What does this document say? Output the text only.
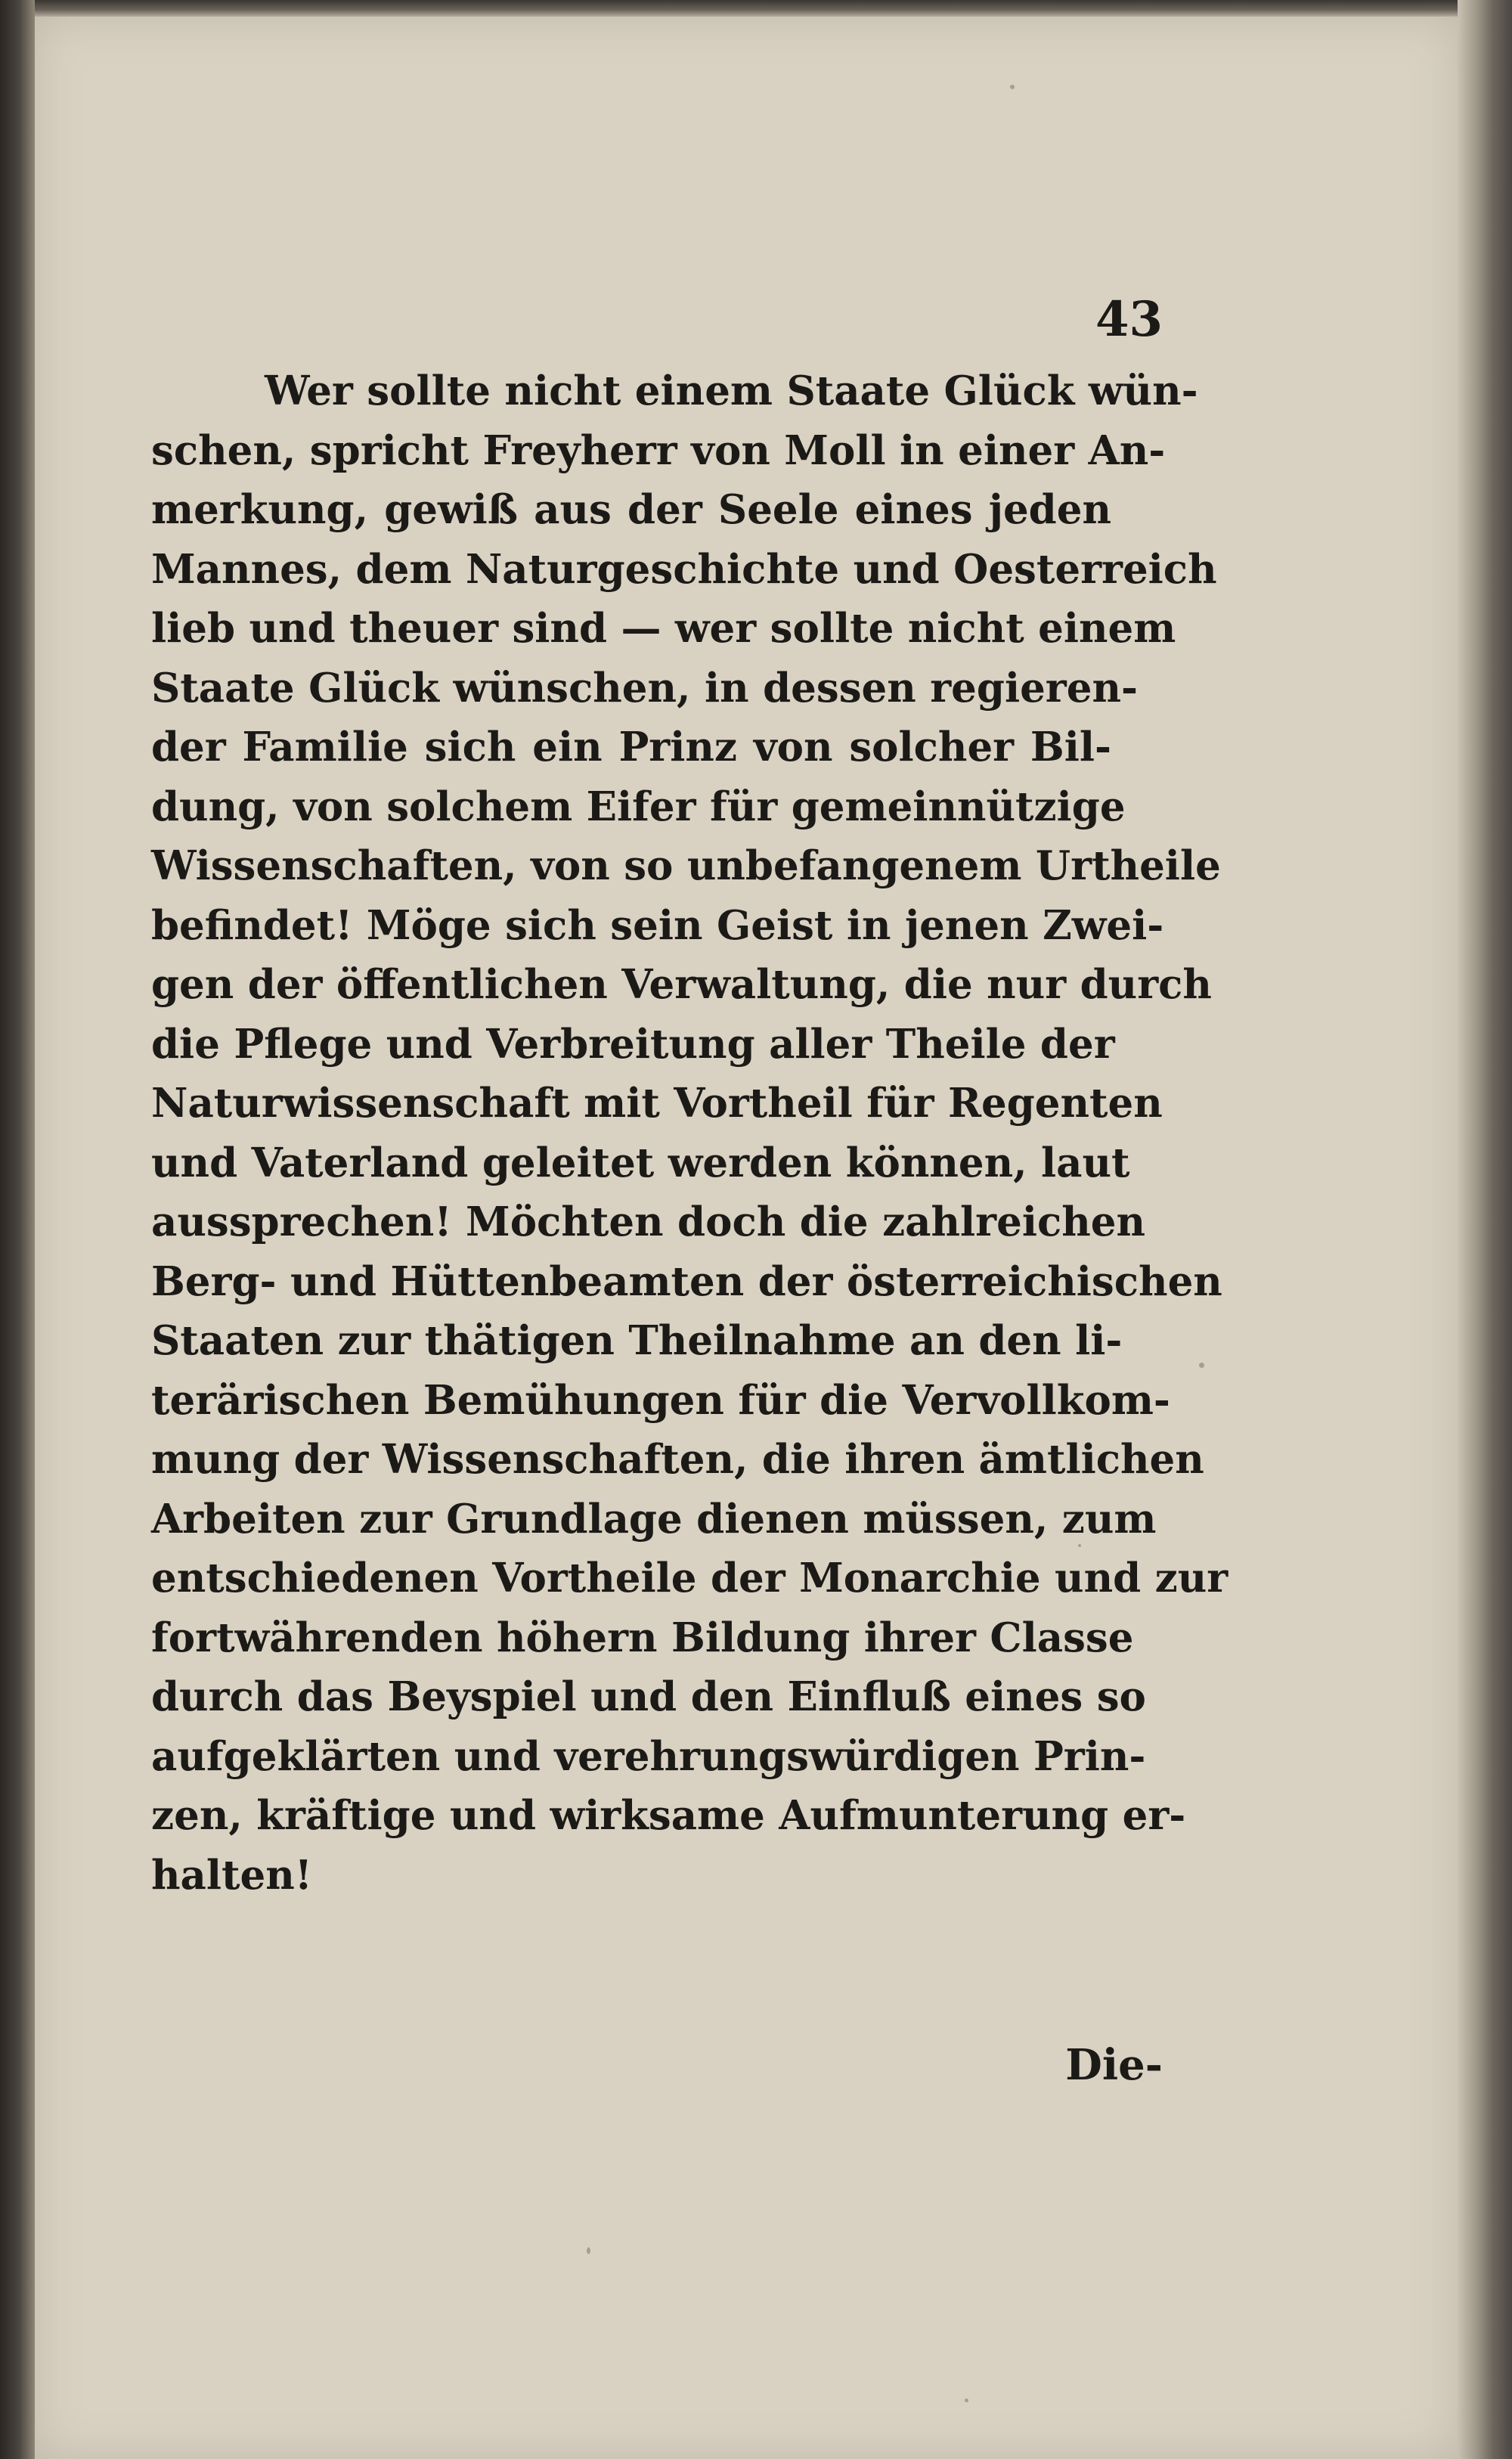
43
Wer sollte nicht einem Staate Glück wün-
schen, spricht Freyherr von Moll in einer An-
merkung, gewiß aus der Seele eines jeden
Mannes, dem Naturgeschichte und Oesterreich
lieb und theuer sind — wer sollte nicht einem
Staate Glück wünschen, in dessen regieren-
der Familie sich ein Prinz von solcher Bil-
dung, von solchem Eifer für gemeinnützige
Wissenschaften, von so unbefangenem Urtheile
befindet! Möge sich sein Geist in jenen Zwei-
gen der öffentlichen Verwaltung, die nur durch
die Pflege und Verbreitung aller Theile der
Naturwissenschaft mit Vortheil für Regenten
und Vaterland geleitet werden können, laut
aussprechen! Möchten doch die zahlreichen
Berg- und Hüttenbeamten der österreichischen
Staaten zur thätigen Theilnahme an den li-
terärischen Bemühungen für die Vervollkom-
mung der Wissenschaften, die ihren ämtlichen
Arbeiten zur Grundlage dienen müssen, zum
entschiedenen Vortheile der Monarchie und zur
fortwährenden höhern Bildung ihrer Classe
durch das Beyspiel und den Einfluß eines so
aufgeklärten und verehrungswürdigen Prin-
zen, kräftige und wirksame Aufmunterung er-
halten!
Die-
